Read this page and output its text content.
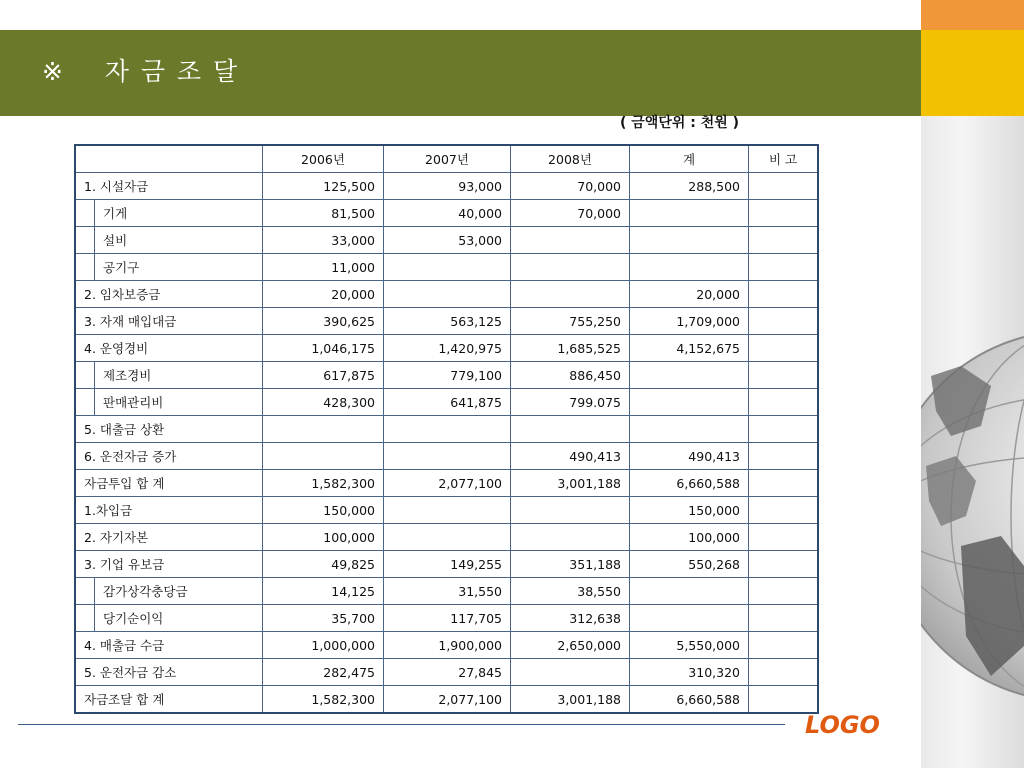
※    자 금 조 달
( 금액단위 : 천원 )
		2006년	2007년	2008년	계	비 고
1. 시설자금		125,500	93,000	70,000	288,500	
	기게	81,500	40,000	70,000		
	설비	33,000	53,000			
	공기구	11,000				
2. 임차보증금		20,000			20,000	
3. 자재 매입대금		390,625	563,125	755,250	1,709,000	
4. 운영경비		1,046,175	1,420,975	1,685,525	4,152,675	
	제조경비	617,875	779,100	886,450		
	판매관리비	428,300	641,875	799.075		
5. 대출금 상환						
6. 운전자금 증가				490,413	490,413	
자금투입 합 계		1,582,300	2,077,100	3,001,188	6,660,588	
1.차입금		150,000			150,000	
2. 자기자본		100,000			100,000	
3. 기업 유보금		49,825	149,255	351,188	550,268	
	감가상각충당금	14,125	31,550	38,550		
	당기순이익	35,700	117,705	312,638		
4. 매출금 수금		1,000,000	1,900,000	2,650,000	5,550,000	
5. 운전자금 감소		282,475	27,845		310,320	
자금조달 합 계		1,582,300	2,077,100	3,001,188	6,660,588	
LOGO
